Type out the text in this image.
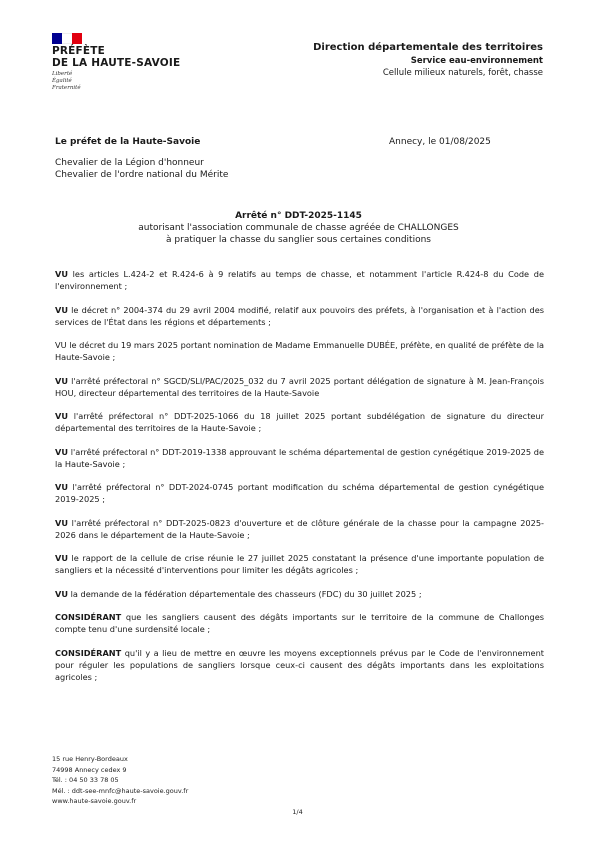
PRÉFÈTE
DE LA HAUTE-SAVOIE
Liberté
Égalité
Fraternité
Direction départementale des territoires
Service eau-environnement
Cellule milieux naturels, forêt, chasse
Le préfet de la Haute-Savoie	Annecy, le 01/08/2025
Chevalier de la Légion d'honneur
Chevalier de l'ordre national du Mérite
Arrêté n° DDT-2025-1145
autorisant l'association communale de chasse agréée de CHALLONGES
à pratiquer la chasse du sanglier sous certaines conditions

VU les articles L.424-2 et R.424-6 à 9 relatifs au temps de chasse, et notamment l'article R.424-8 du Code de l'environnement ;

VU le décret n° 2004-374 du 29 avril 2004 modifié, relatif aux pouvoirs des préfets, à l'organisation et à l'action des services de l'État dans les régions et départements ;

VU le décret du 19 mars 2025 portant nomination de Madame Emmanuelle DUBÉE, préfète, en qualité de préfète de la Haute-Savoie ;

VU l'arrêté préfectoral n° SGCD/SLI/PAC/2025_032 du 7 avril 2025 portant délégation de signature à M. Jean-François HOU, directeur départemental des territoires de la Haute-Savoie

VU l'arrêté préfectoral n° DDT-2025-1066 du 18 juillet 2025 portant subdélégation de signature du directeur départemental des territoires de la Haute-Savoie ;

VU l'arrêté préfectoral n° DDT-2019-1338 approuvant le schéma départemental de gestion cynégétique 2019-2025 de la Haute-Savoie ;

VU l'arrêté préfectoral n° DDT-2024-0745 portant modification du schéma départemental de gestion cynégétique 2019-2025 ;

VU l'arrêté préfectoral n° DDT-2025-0823 d'ouverture et de clôture générale de la chasse pour la campagne 2025-2026 dans le département de la Haute-Savoie ;

VU le rapport de la cellule de crise réunie le 27 juillet 2025 constatant la présence d'une importante population de sangliers et la nécessité d'interventions pour limiter les dégâts agricoles ;

VU la demande de la fédération départementale des chasseurs (FDC) du 30 juillet 2025 ;

CONSIDÉRANT que les sangliers causent des dégâts importants sur le territoire de la commune de Challonges compte tenu d'une surdensité locale ;

CONSIDÉRANT qu'il y a lieu de mettre en œuvre les moyens exceptionnels prévus par le Code de l'environnement pour réguler les populations de sangliers lorsque ceux-ci causent des dégâts importants dans les exploitations agricoles ;

15 rue Henry-Bordeaux
74998 Annecy cedex 9
Tél. : 04 50 33 78 05
Mél. : ddt-see-mnfc@haute-savoie.gouv.fr
www.haute-savoie.gouv.fr
1/4
